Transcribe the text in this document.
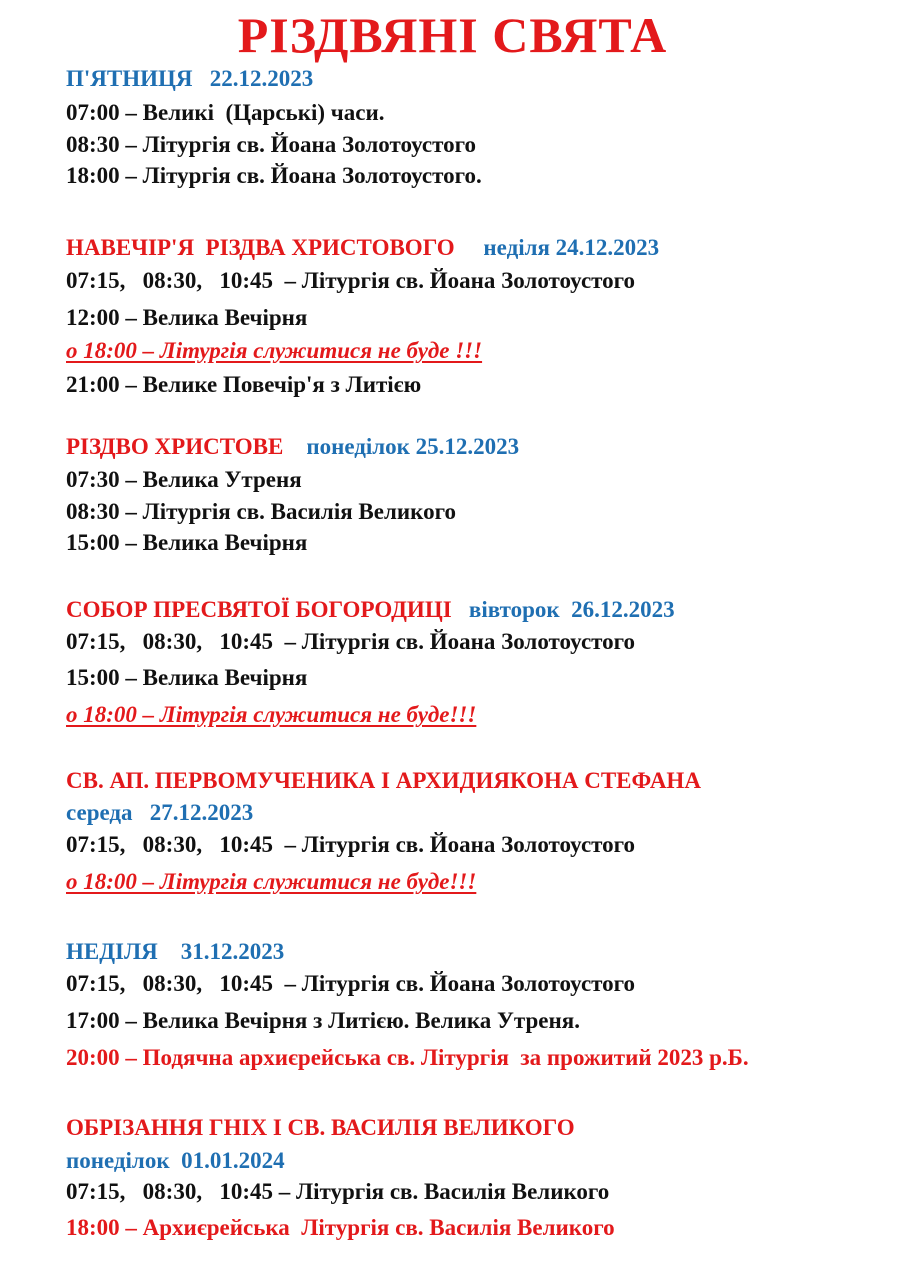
РІЗДВЯНІ СВЯТА
П'ЯТНИЦЯ 22.12.2023
07:00 – Великі  (Царські) часи.
08:30 – Літургія св. Йоана Золотоустого
18:00 – Літургія св. Йоана Золотоустого.
НАВЕЧІР'Я  РІЗДВА ХРИСТОВОГО неділя 24.12.2023
07:15,   08:30,   10:45  – Літургія св. Йоана Золотоустого
12:00 – Велика Вечірня
о 18:00 – Літургія служитися не буде !!!
21:00 – Велике Повечір'я з Литією
РІЗДВО ХРИСТОВЕ понеділок 25.12.2023
07:30 – Велика Утреня
08:30 – Літургія св. Василія Великого
15:00 – Велика Вечірня
СОБОР ПРЕСВЯТОЇ БОГОРОДИЦІ вівторок  26.12.2023
07:15,   08:30,   10:45  – Літургія св. Йоана Золотоустого
15:00 – Велика Вечірня
о 18:00 – Літургія служитися не буде!!!
СВ. АП. ПЕРВОМУЧЕНИКА І АРХИДИЯКОНА СТЕФАНА
середа   27.12.2023
07:15,   08:30,   10:45  – Літургія св. Йоана Золотоустого
о 18:00 – Літургія служитися не буде!!!
НЕДІЛЯ 31.12.2023
07:15,   08:30,   10:45  – Літургія св. Йоана Золотоустого
17:00 – Велика Вечірня з Литією. Велика Утреня.
20:00 – Подячна архиєрейська св. Літургія  за прожитий 2023 р.Б.
ОБРІЗАННЯ ГНІХ І СВ. ВАСИЛІЯ ВЕЛИКОГО
понеділок  01.01.2024
07:15,   08:30,   10:45 – Літургія св. Василія Великого
18:00 – Архиєрейська  Літургія св. Василія Великого
